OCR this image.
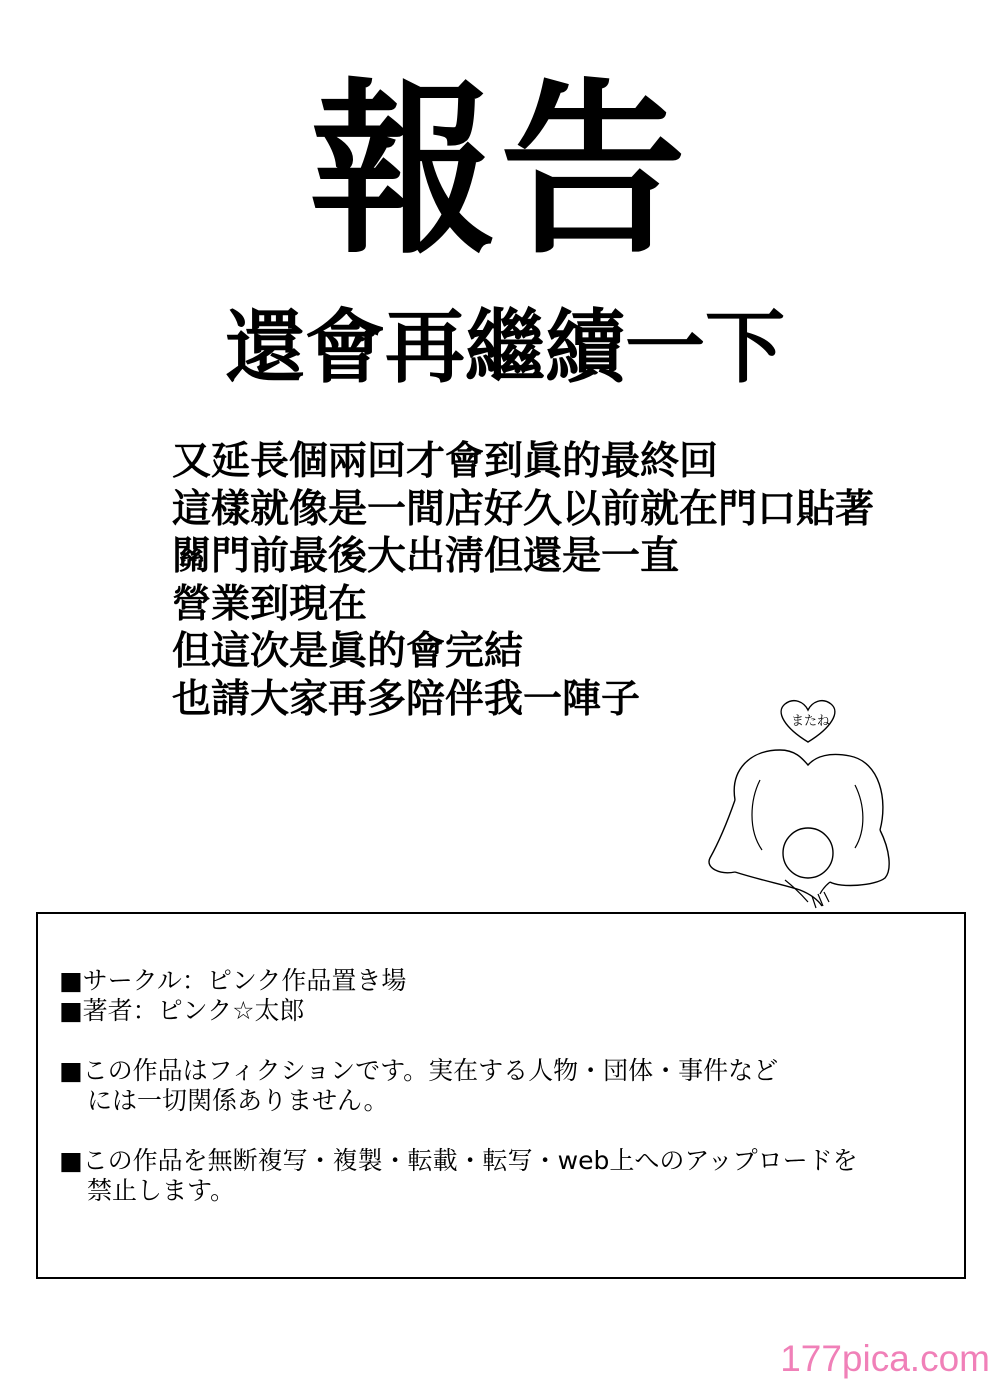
報告
還會再繼續一下
又延長個兩回才會到眞的最終回
這樣就像是一間店好久以前就在門口貼著
關門前最後大出淸但還是一直
營業到現在
但這次是眞的會完結
也請大家再多陪伴我一陣子	またね
■サークル：ピンク作品置き場
■著者：ピンク☆太郎
■この作品はフィクションです。実在する人物・団体・事件など
には一切関係ありません。
■この作品を無断複写・複製・転載・転写・web上へのアップロードを
禁止します。
177pica.com
